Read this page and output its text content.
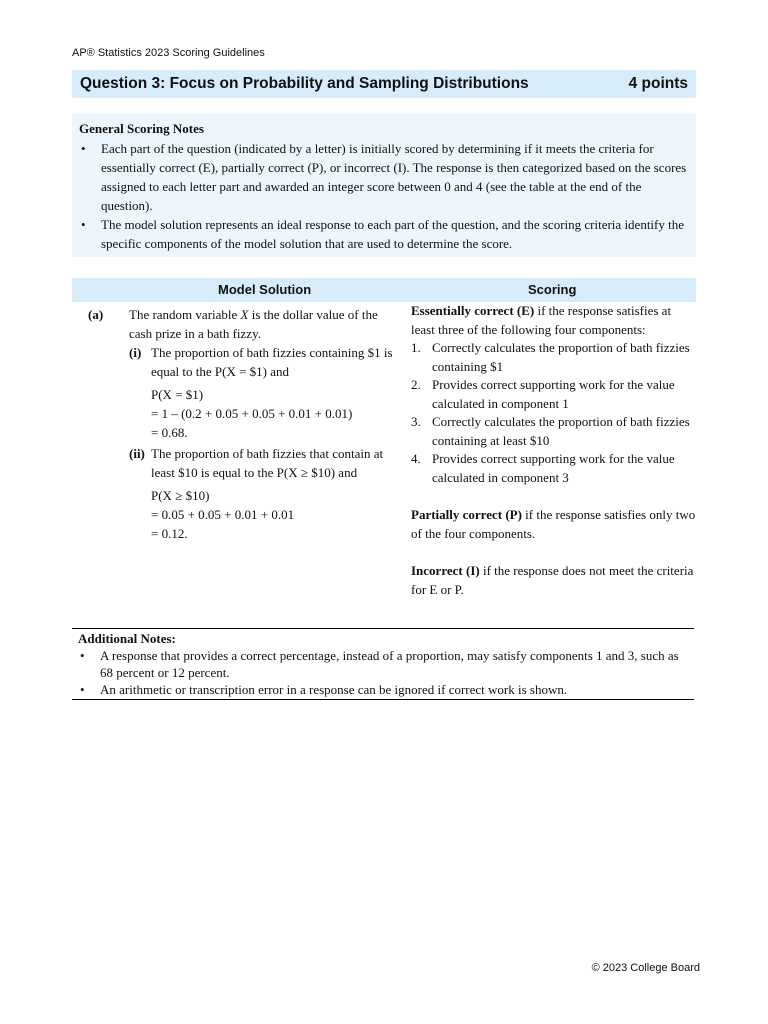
AP® Statistics 2023 Scoring Guidelines
Question 3: Focus on Probability and Sampling Distributions	4 points
General Scoring Notes
• Each part of the question (indicated by a letter) is initially scored by determining if it meets the criteria for essentially correct (E), partially correct (P), or incorrect (I). The response is then categorized based on the scores assigned to each letter part and awarded an integer score between 0 and 4 (see the table at the end of the question).
• The model solution represents an ideal response to each part of the question, and the scoring criteria identify the specific components of the model solution that are used to determine the score.
Model Solution	Scoring
(a) The random variable X is the dollar value of the cash prize in a bath fizzy.
(i) The proportion of bath fizzies containing $1 is equal to the P(X = $1) and
P(X = $1)
= 1 – (0.2 + 0.05 + 0.05 + 0.01 + 0.01)
= 0.68.
(ii) The proportion of bath fizzies that contain at least $10 is equal to the P(X ≥ $10) and
P(X ≥ $10)
= 0.05 + 0.05 + 0.01 + 0.01
= 0.12.

Essentially correct (E) if the response satisfies at least three of the following four components:

1. Correctly calculates the proportion of bath fizzies containing $1
2. Provides correct supporting work for the value calculated in component 1
3. Correctly calculates the proportion of bath fizzies containing at least $10
4. Provides correct supporting work for the value calculated in component 3

Partially correct (P) if the response satisfies only two of the four components.

Incorrect (I) if the response does not meet the criteria for E or P.

Additional Notes:
• A response that provides a correct percentage, instead of a proportion, may satisfy components 1 and 3, such as 68 percent or 12 percent.
• An arithmetic or transcription error in a response can be ignored if correct work is shown.
© 2023 College Board
